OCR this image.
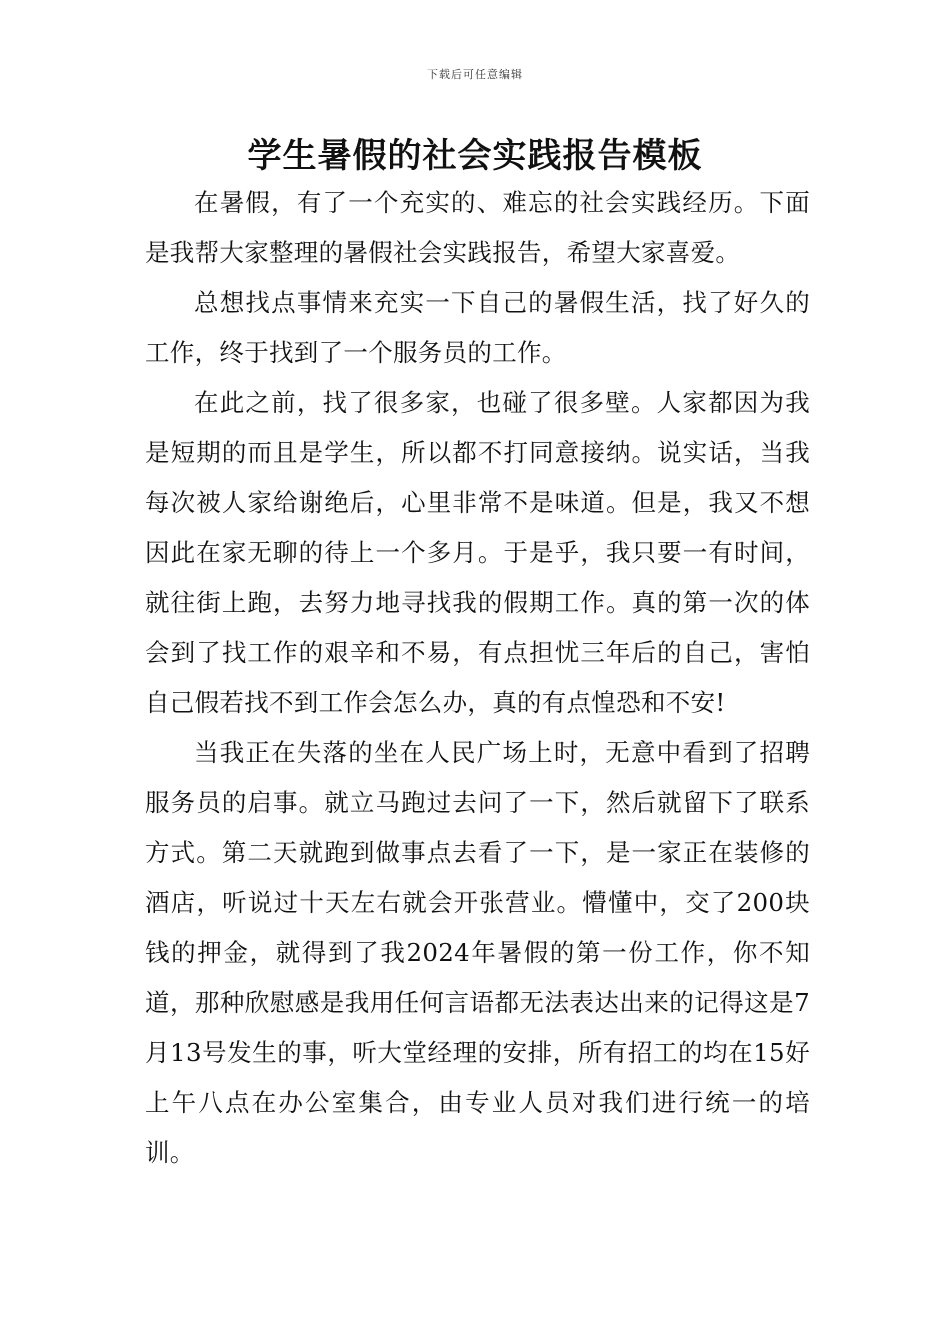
下载后可任意编辑
学生暑假的社会实践报告模板

在暑假，有了一个充实的、难忘的社会实践经历。下面是我帮大家整理的暑假社会实践报告，希望大家喜爱。

总想找点事情来充实一下自己的暑假生活，找了好久的工作，终于找到了一个服务员的工作。

在此之前，找了很多家，也碰了很多壁。人家都因为我是短期的而且是学生，所以都不打同意接纳。说实话，当我每次被人家给谢绝后，心里非常不是味道。但是，我又不想因此在家无聊的待上一个多月。于是乎，我只要一有时间，就往街上跑，去努力地寻找我的假期工作。真的第一次的体会到了找工作的艰辛和不易，有点担忧三年后的自己，害怕自己假若找不到工作会怎么办，真的有点惶恐和不安!

当我正在失落的坐在人民广场上时，无意中看到了招聘服务员的启事。就立马跑过去问了一下，然后就留下了联系方式。第二天就跑到做事点去看了一下，是一家正在装修的酒店，听说过十天左右就会开张营业。懵懂中，交了200块钱的押金，就得到了我2024年暑假的第一份工作，你不知道，那种欣慰感是我用任何言语都无法表达出来的记得这是7月13号发生的事，听大堂经理的安排，所有招工的均在15好上午八点在办公室集合，由专业人员对我们进行统一的培训。
